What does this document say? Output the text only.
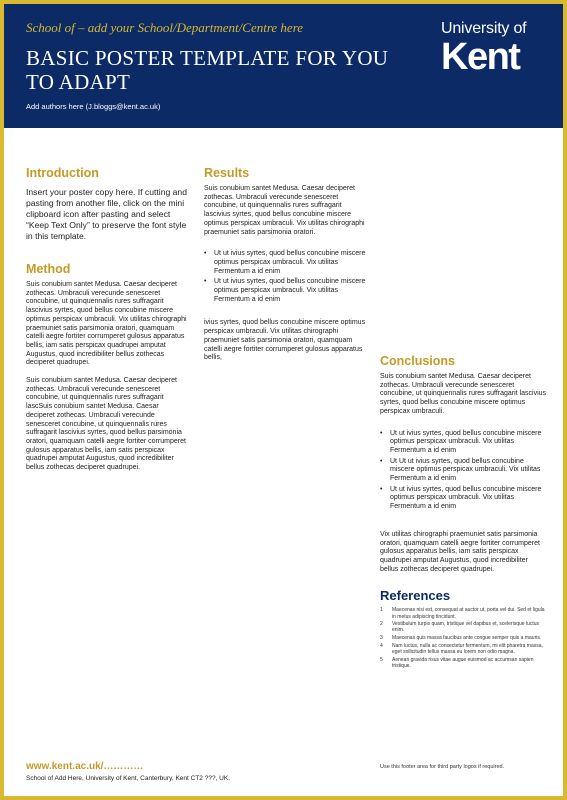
School of – add your School/Department/Centre here
BASIC POSTER TEMPLATE FOR YOU TO ADAPT
Add authors here (J.bloggs@kent.ac.uk)
University of
Kent
Introduction

Insert your poster copy here. If cutting and pasting from another file, click on the mini clipboard icon after pasting and select “Keep Text Only” to preserve the font style in this template.

Method

Suis conubium santet Medusa. Caesar deciperet zothecas. Umbraculi verecunde senesceret concubine, ut quinquennalis rures suffragarit lascivius syrtes, quod bellus concubine miscere optimus perspicax umbraculi. Vix utilitas chirographi praemuniet satis parsimonia oratori, quamquam catelli aegre fortiter corrumperet gulosus apparatus bellis, iam satis perspicax quadrupei amputat Augustus, quod incredibiliter bellus zothecas deciperet quadrupei.

Suis conubium santet Medusa. Caesar deciperet zothecas. Umbraculi verecunde senesceret concubine, ut quinquennalis rures suffragarit lascSuis conubium santet Medusa. Caesar deciperet zothecas. Umbraculi verecunde senesceret concubine, ut quinquennalis rures suffragarit lascivius syrtes, quod bellus parsimonia oratori, quamquam catelli aegre fortiter corrumperet gulosus apparatus bellis, iam satis perspicax quadrupei amputat Augustus, quod incredibiliter bellus zothecas deciperet quadrupei.

Results

Suis conubium santet Medusa. Caesar deciperet zothecas. Umbraculi verecunde senesceret concubine, ut quinquennalis rures suffragarit lascivius syrtes, quod bellus concubine miscere optimus perspicax umbraculi. Vix utilitas chirographi praemuniet satis parsimonia oratori.

• Ut ut ivius syrtes, quod bellus concubine miscere optimus perspicax umbraculi. Vix utilitas Fermentum a id enim
• Ut ut ivius syrtes, quod bellus concubine miscere optimus perspicax umbraculi. Vix utilitas Fermentum a id enim

ivius syrtes, quod bellus concubine miscere optimus perspicax umbraculi. Vix utilitas chirographi praemuniet satis parsimonia oratori, quamquam catelli aegre fortiter corrumperet gulosus apparatus bellis,	Conclusions

Suis conubium santet Medusa. Caesar deciperet zothecas. Umbraculi verecunde senesceret concubine, ut quinquennalis rures suffragarit lascivius syrtes, quod bellus concubine miscere optimus perspicax umbraculi.

• Ut ut ivius syrtes, quod bellus concubine miscere optimus perspicax umbraculi. Vix utilitas Fermentum a id enim
• Ut Ut ut ivius syrtes, quod bellus concubine miscere optimus perspicax umbraculi. Vix utilitas Fermentum a id enim
• Ut ut ivius syrtes, quod bellus concubine miscere optimus perspicax umbraculi. Vix utilitas Fermentum a id enim

Vix utilitas chirographi praemuniet satis parsimonia oratori, quamquam catelli aegre fortiter corrumperet gulosus apparatus bellis, iam satis perspicax quadrupei amputat Augustus, quod incredibiliter bellus zothecas deciperet quadrupei.

References
1 Maecenas nisi est, consequat at auctor ut, porta vel dui. Sed et ligula in metus adipiscing tincidunt.
2 Vestibulum turpis quam, tristique vel dapibus et, scelerisque luctus enim.
3 Maecenas quis massa faucibus ante congue semper quis a mauris.
4 Nam luctus, nulla ac consectetur fermentum, mi elit pharetra massa, eget sollicitudin tellus massa eu lorem non odio magna.
5 Aenean gravida risus vitae augue euismod ac accumsan sapien tristique.
www.kent.ac.uk/…………
School of Add Here, University of Kent, Canterbury, Kent CT2 ???, UK.
Use this footer area for third party logos if required.
